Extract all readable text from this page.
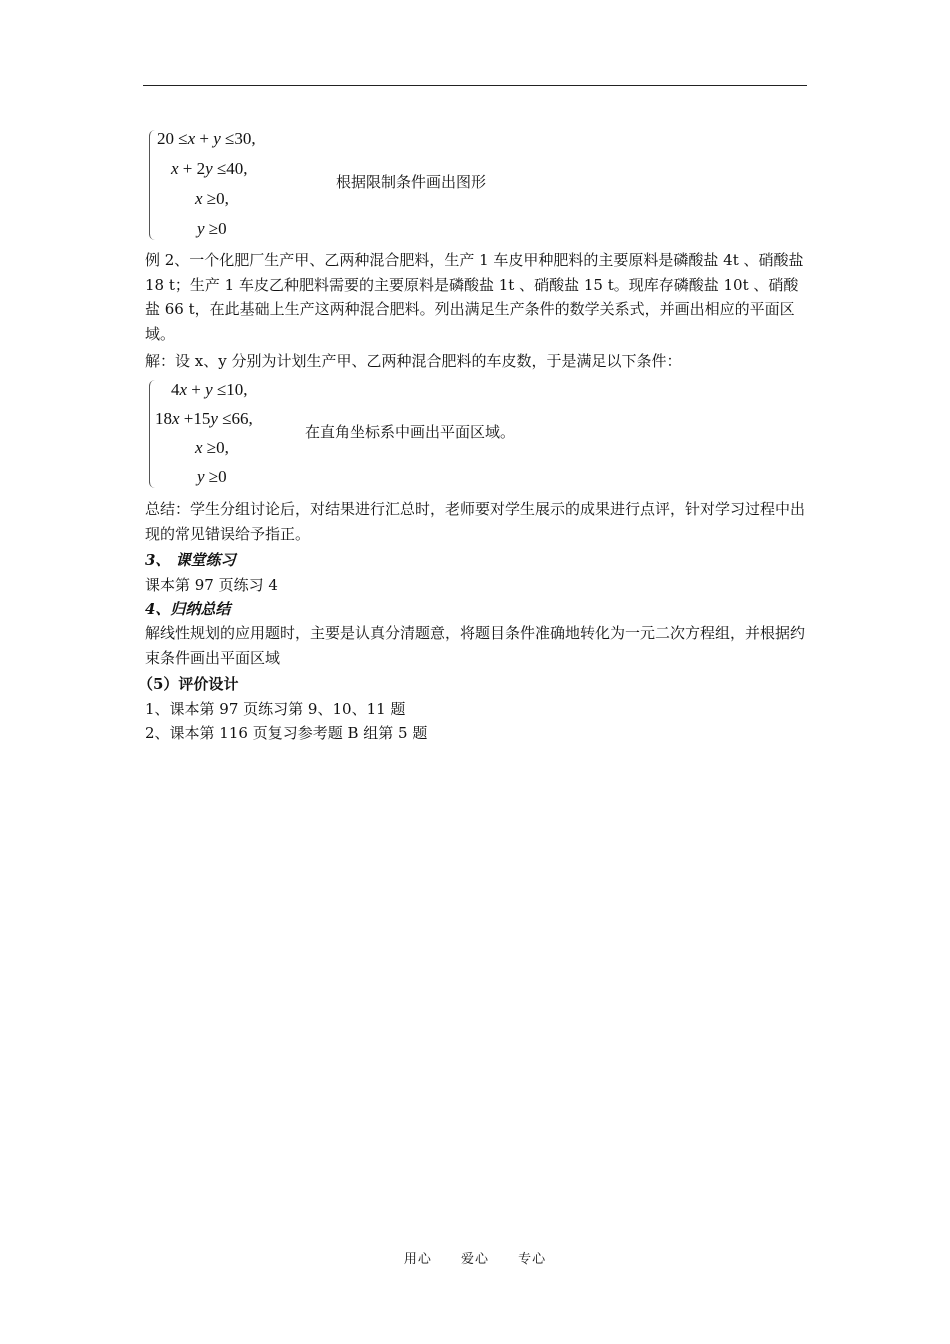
20 ≤x + y ≤30,
x + 2y ≤40,
x ≥0,
y ≥0
根据限制条件画出图形

例 2、一个化肥厂生产甲、乙两种混合肥料，生产 1 车皮甲种肥料的主要原料是磷酸盐 4t 、硝酸盐 18 t；生产 1 车皮乙种肥料需要的主要原料是磷酸盐 1t 、硝酸盐 15 t。现库存磷酸盐 10t 、硝酸盐 66 t，在此基础上生产这两种混合肥料。列出满足生产条件的数学关系式，并画出相应的平面区域。

解：设 x、y 分别为计划生产甲、乙两种混合肥料的车皮数，于是满足以下条件：
4x + y ≤10,
18x +15y ≤66,
x ≥0,
y ≥0
在直角坐标系中画出平面区域。

总结：学生分组讨论后，对结果进行汇总时，老师要对学生展示的成果进行点评，针对学习过程中出现的常见错误给予指正。

3、 课堂练习
课本第 97 页练习 4
4、归纳总结

解线性规划的应用题时，主要是认真分清题意，将题目条件准确地转化为一元二次方程组，并根据约束条件画出平面区域

（5）评价设计
1、课本第 97 页练习第 9、10、11 题
2、课本第 116 页复习参考题 B 组第 5 题
用心 爱心 专心
